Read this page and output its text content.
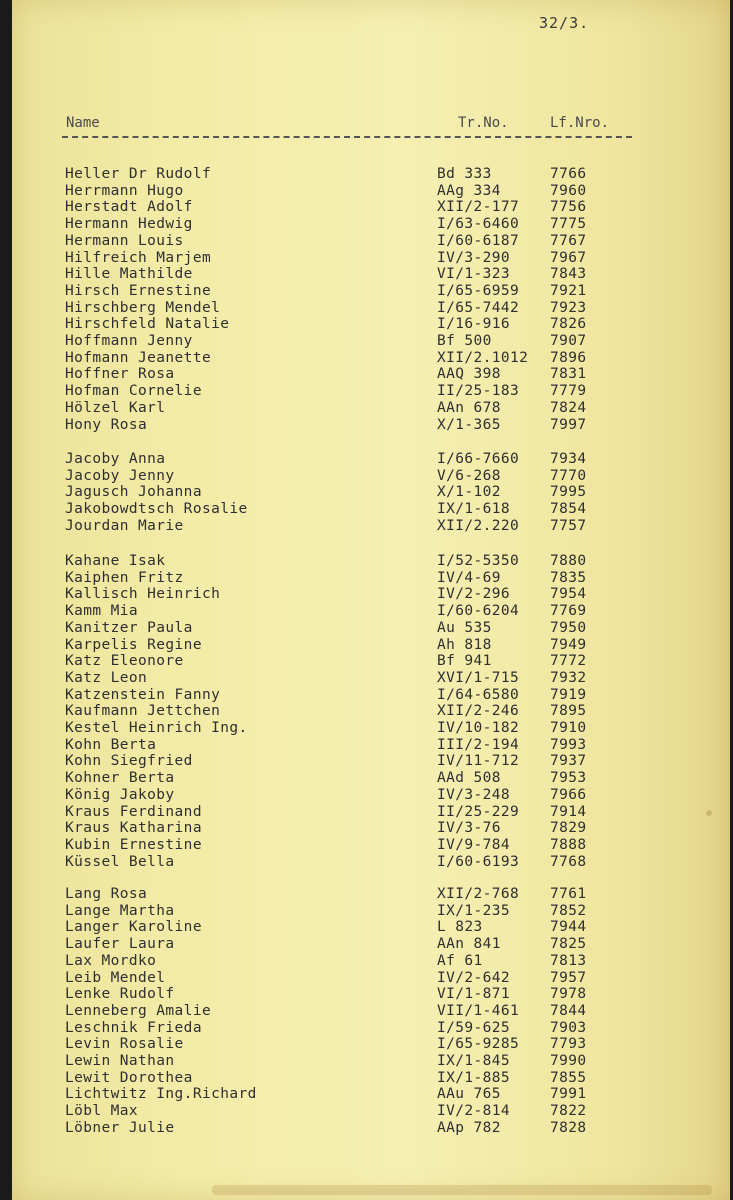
32/3.
Name	Tr.No.	Lf.Nro.
Heller Dr Rudolf	Bd 333	7766
Herrmann Hugo	AAg 334	7960
Herstadt Adolf	XII/2-177 7756
Hermann Hedwig	I/63-6460 7775
Hermann Louis	I/60-6187 7767
Hilfreich Marjem	IV/3-290	7967
Hille Mathilde	VI/1-323	7843
Hirsch Ernestine	I/65-6959 7921
Hirschberg Mendel	I/65-7442 7923
Hirschfeld Natalie	I/16-916	7826
Hoffmann Jenny	Bf 500	7907
Hofmann Jeanette	XII/2.1012 7896
Hoffner Rosa	AAQ 398	7831
Hofman Cornelie	II/25-183 7779
Hölzel Karl	AAn 678	7824
Hony Rosa	X/1-365	7997
Jacoby Anna	I/66-7660 7934
Jacoby Jenny	V/6-268	7770
Jagusch Johanna	X/1-102	7995
Jakobowdtsch Rosalie	IX/1-618	7854
Jourdan Marie	XII/2.220 7757
Kahane Isak	I/52-5350 7880
Kaiphen Fritz	IV/4-69	7835
Kallisch Heinrich	IV/2-296	7954
Kamm Mia	I/60-6204 7769
Kanitzer Paula	Au 535	7950
Karpelis Regine	Ah 818	7949
Katz Eleonore	Bf 941	7772
Katz Leon	XVI/1-715 7932
Katzenstein Fanny	I/64-6580 7919
Kaufmann Jettchen	XII/2-246 7895
Kestel Heinrich Ing.	IV/10-182 7910
Kohn Berta	III/2-194 7993
Kohn Siegfried	IV/11-712 7937
Kohner Berta	AAd 508	7953
König Jakoby	IV/3-248	7966
Kraus Ferdinand	II/25-229 7914
Kraus Katharina	IV/3-76	7829
Kubin Ernestine	IV/9-784	7888
Küssel Bella	I/60-6193 7768
Lang Rosa	XII/2-768 7761
Lange Martha	IX/1-235	7852
Langer Karoline	L 823	7944
Laufer Laura	AAn 841	7825
Lax Mordko	Af 61	7813
Leib Mendel	IV/2-642	7957
Lenke Rudolf	VI/1-871	7978
Lenneberg Amalie	VII/1-461 7844
Leschnik Frieda	I/59-625	7903
Levin Rosalie	I/65-9285 7793
Lewin Nathan	IX/1-845	7990
Lewit Dorothea	IX/1-885	7855
Lichtwitz Ing.Richard	AAu 765	7991
Löbl Max	IV/2-814	7822
Löbner Julie	AAp 782	7828
